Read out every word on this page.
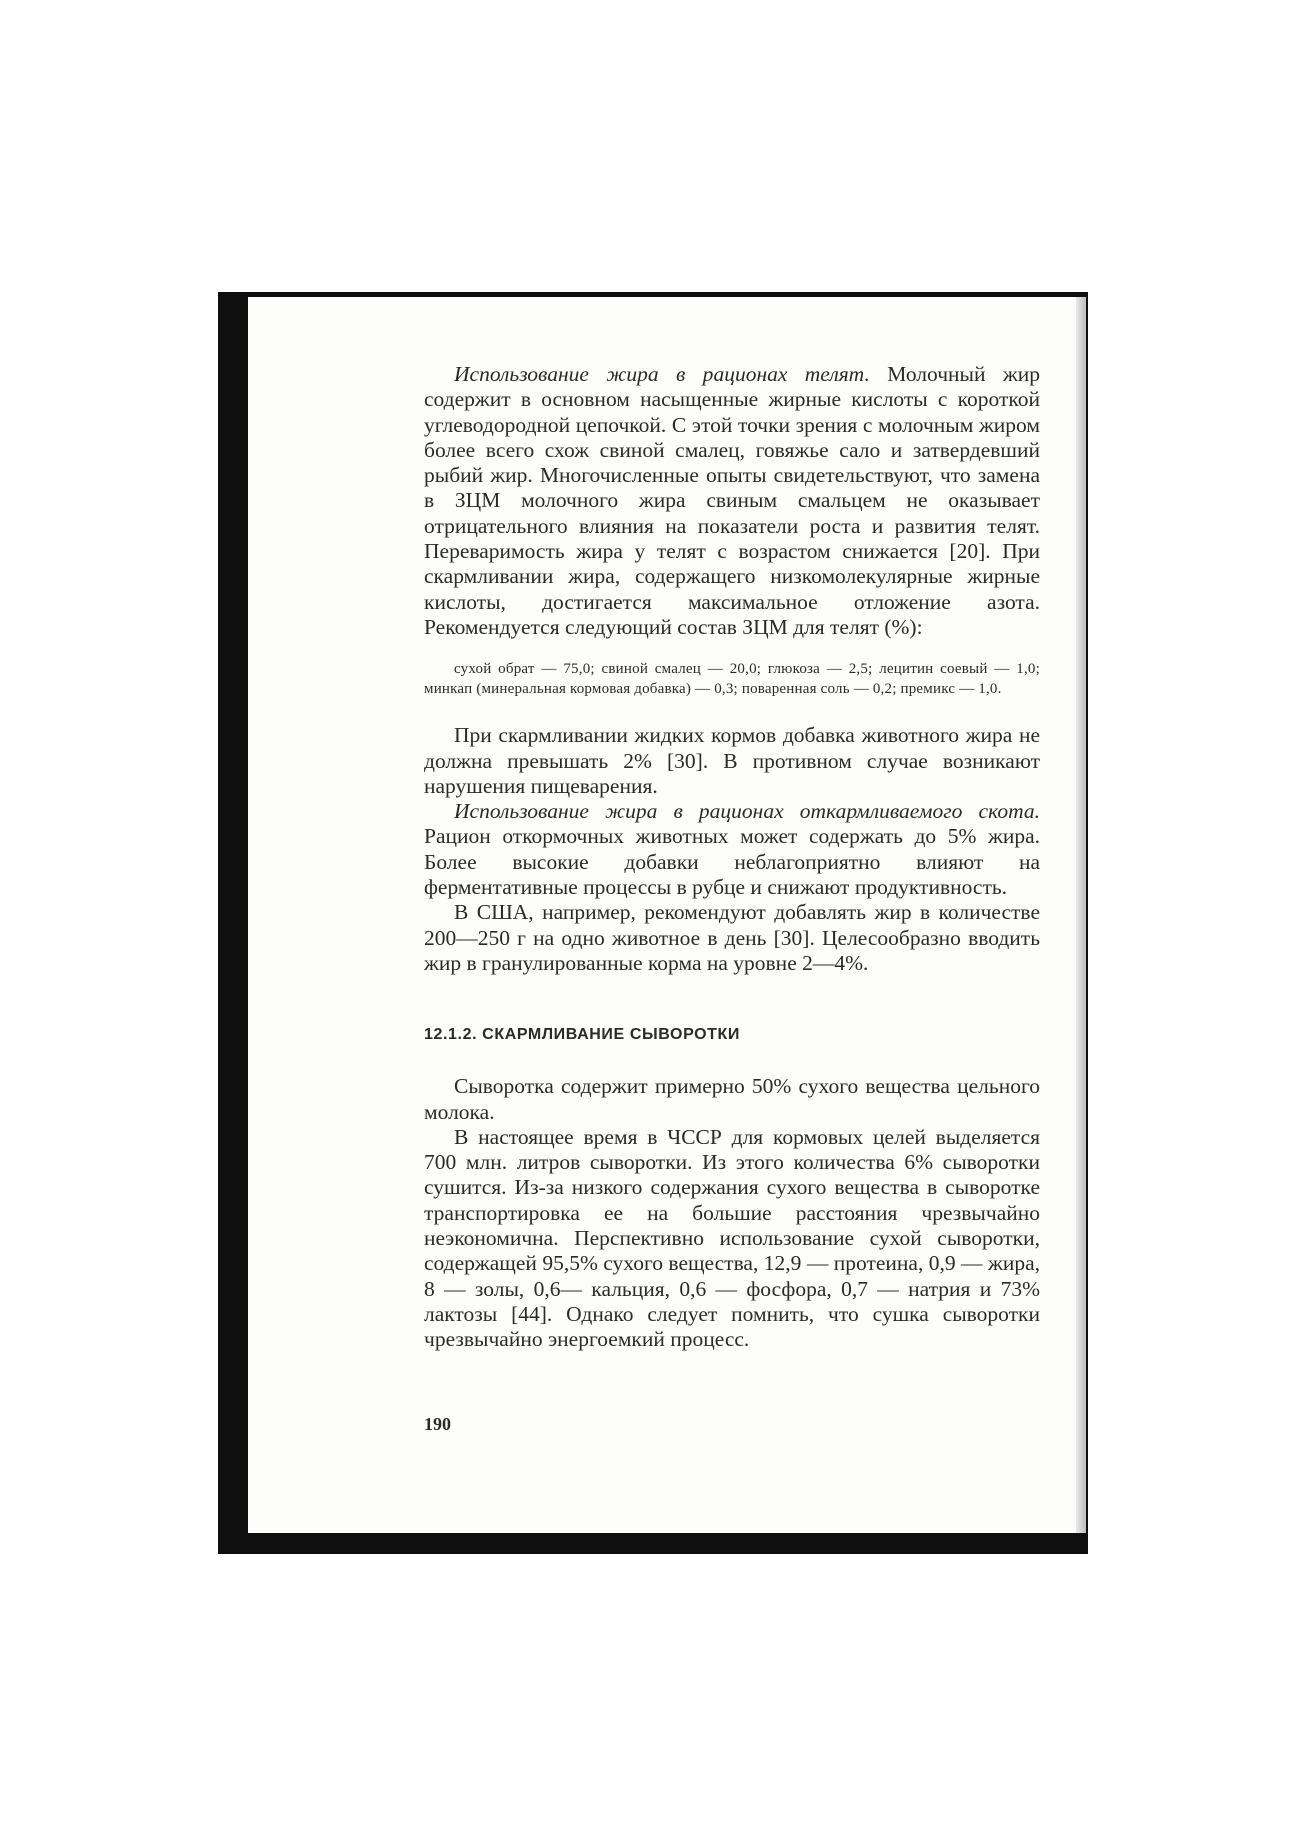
Использование жира в рационах телят. Молочный жир содержит в основном насыщенные жирные кислоты с короткой углеводородной цепочкой. С этой точки зрения с молочным жиром более всего схож свиной смалец, говяжье сало и затвердевший рыбий жир. Многочисленные опыты свидетельствуют, что замена в ЗЦМ молочного жира свиным смальцем не оказывает отрицательного влияния на показатели роста и развития телят. Переваримость жира у телят с возрастом снижается [20]. При скармливании жира, содержащего низкомолекулярные жирные кислоты, достигается максимальное отложение азота. Рекомендуется следующий состав ЗЦМ для телят (%):

сухой обрат — 75,0; свиной смалец — 20,0; глюкоза — 2,5; лецитин соевый — 1,0; минкап (минеральная кормовая добавка) — 0,3; поваренная соль — 0,2; премикс — 1,0.

При скармливании жидких кормов добавка животного жира не должна превышать 2% [30]. В противном случае возникают нарушения пищеварения.

Использование жира в рационах откармливаемого скота. Рацион откормочных животных может содержать до 5% жира. Более высокие добавки неблагоприятно влияют на ферментативные процессы в рубце и снижают продуктивность.

В США, например, рекомендуют добавлять жир в количестве 200—250 г на одно животное в день [30]. Целесообразно вводить жир в гранулированные корма на уровне 2—4%.

12.1.2. СКАРМЛИВАНИЕ СЫВОРОТКИ

Сыворотка содержит примерно 50% сухого вещества цельного молока.

В настоящее время в ЧССР для кормовых целей выделяется 700 млн. литров сыворотки. Из этого количества 6% сыворотки сушится. Из-за низкого содержания сухого вещества в сыворотке транспортировка ее на большие расстояния чрезвычайно неэкономична. Перспективно использование сухой сыворотки, содержащей 95,5% сухого вещества, 12,9 — протеина, 0,9 — жира, 8 — золы, 0,6— кальция, 0,6 — фосфора, 0,7 — натрия и 73% лактозы [44]. Однако следует помнить, что сушка сыворотки чрезвычайно энергоемкий процесс.

190
